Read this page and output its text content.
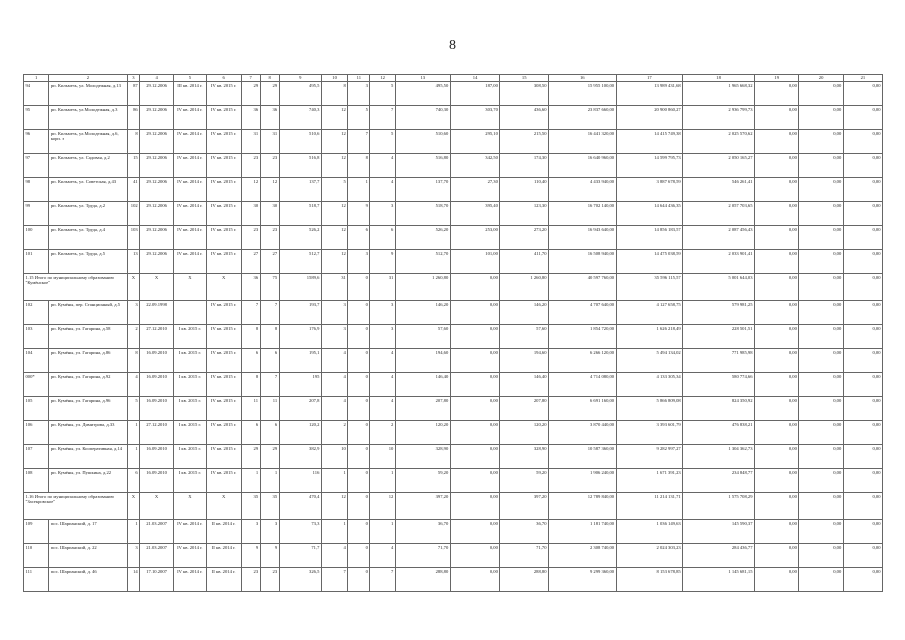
8
1	2	3	4	5	6	7	8	9	10	11	12	13	14	15	16	17	18	19	20	21
94	рп. Кильмезь, ул. Молодежная, д.13	87	29.12.2006	III кв. 2014 г.	IV кв. 2015 г.	29	29	495,5	8	3	5	495,50	187,00	308,50	15 955 100,00	13 989 431,68	1 965 668,32	0,00	0,00	0,00
95	рп. Кильмезь, ул.Молодежная, д.3	86	29.12.2006	IV кв. 2014 г.	IV кв. 2015 г.	36	36	740,3	12	5	7	740,30	303,70	436,60	23 837 660,00	20 900 860,27	2 936 799,73	0,00	0,00	0,00
96	рп. Кильмезь, ул.Молодежная, д.6, корп. з	8	29.12.2006	IV кв. 2014 г.	IV кв. 2015 г.	31	31	510,6	12	7	5	510,60	295,10	215,50	16 441 320,00	14 415 749,38	2 025 570,62	0,00	0,00	0,00
97	рп. Кильмезь, ул. Садовая, д.2	15	29.12.2006	IV кв. 2014 г.	IV кв. 2015 г.	23	23	516,8	12	8	4	516,80	342,50	174,30	16 640 960,00	14 599 795,73	2 050 165,27	0,00	0,00	0,00
98	рп. Кильмезь, ул. Советская, д.43	41	29.12.2006	IV кв. 2014 г.	IV кв. 2015 г.	12	12	137,7	5	1	4	137,70	27,30	110,40	4 433 940,00	3 887 678,59	546 261,41	0,00	0,00	0,00
99	рп. Кильмезь, ул. Труда, д.2	102	29.12.2006	IV кв. 2014 г.	IV кв. 2015 г.	30	30	518,7	12	9	3	518,70	395,40	123,30	16 702 140,00	14 644 436,35	2 057 703,65	0,00	0,00	0,00
100	рп. Кильмезь, ул. Труда, д.4	103	29.12.2006	IV кв. 2014 г.	IV кв. 2015 г.	23	23	526,2	12	6	6	526,20	253,00	273,20	16 943 640,00	14 856 183,57	2 087 456,43	0,00	0,00	0,00
101	рп. Кильмезь, ул. Труда, д.5	13	29.12.2006	IV кв. 2014 г.	IV кв. 2015 г.	27	27	512,7	12	3	9	512,70	101,00	411,70	16 508 940,00	14 475 038,59	2 033 901,41	0,00	0,00	0,00
1.15 Итого по муниципальному образованию "Кумёнское"		X	X	X	X	36	75	1589,6	31	0	31	1 260,80	0,00	1 260,80	40 597 760,00	35 596 115,57	5 001 644,03	0,00	0,00	0,00
102	рп. Кумёны, пер. Станционный, д.5	3	22.09.1998		IV кв. 2015 г.	7	7	193,7	3	0	3	146,20	0,00	146,20	4 707 640,00	4 127 658,75	579 981,25	0,00	0,00	0,00
103	рп. Кумёны, ул. Гагарина, д.58	2	27.12.2010	I кв. 2015 г.	IV кв. 2015 г.	8	8	176,9	3	0	3	57,60	0,00	57,60	1 854 720,00	1 626 218,49	228 501,51	0,00	0,00	0,00
104	рп. Кумёны, ул. Гагарина, д.86	8	16.09.2010	I кв. 2015 г.	IV кв. 2015 г.	6	6	195,1	4	0	4	194,60	0,00	194,60	6 266 120,00	5 494 134,02	771 985,98	0,00	0,00	0,00
000*	рп. Кумёны, ул. Гагарина, д.92	4	16.09.2010	I кв. 2015 г.	IV кв. 2015 г.	8	7	195	4	0	4	146,40	0,00	146,40	4 714 080,00	4 133 305,34	580 774,66	0,00	0,00	0,00
105	рп. Кумёны, ул. Гагарина, д.96	5	16.09.2010	I кв. 2015 г.	IV кв. 2015 г.	11	11	207,8	4	0	4	207,80	0,00	207,80	6 691 160,00	5 866 809,08	824 350,92	0,00	0,00	0,00
106	рп. Кумёны, ул. Димитрова, д.33	1	27.12.2010	I кв. 2015 г.	IV кв. 2015 г.	6	6	120,2	2	0	2	120,20	0,00	120,20	3 870 440,00	3 393 601,79	476 838,21	0,00	0,00	0,00
107	рп. Кумёны, ул. Кооперативная, д.14	1	16.09.2010	I кв. 2015 г.	IV кв. 2015 г.	29	29	382,9	10	0	10	328,90	0,00	328,90	10 587 360,00	9 282 997,27	1 304 362,73	0,00	0,00	0,00
108	рп. Кумёны, ул. Пушкина, д.22	6	16.09.2010	I кв. 2015 г.	IV кв. 2015 г.	1	1	116	1	0	1	59,20	0,00	59,20	1 906 240,00	1 671 391,23	234 848,77	0,00	0,00	0,00
1.16 Итого по муниципальному образованию "Засекровское"		X	X	X	X	35	35	470,4	12	0	12	397,20	0,00	397,20	12 789 840,00	11 214 131,71	1 575 708,29	0,00	0,00	0,00
109	пос. Шарпанский, д. 17	1	21.03.2007	IV кв. 2014 г.	II кв. 2014 г.	3	3	73,3	1	0	1	36,70	0,00	36,70	1 181 740,00	1 036 149,63	145 590,37	0,00	0,00	0,00
110	пос. Шарпанский, д. 22	3	21.03.2007	IV кв. 2014 г.	II кв. 2014 г.	9	9	71,7	4	0	4	71,70	0,00	71,70	2 308 740,00	2 024 303,23	284 436,77	0,00	0,00	0,00
111	пос. Шарпанский, д. 46	14	17.10.2007	IV кв. 2014 г.	II кв. 2014 г.	23	23	326,5	7	0	7	288,80	0,00	288,80	9 299 360,00	8 153 678,85	1 145 681,15	0,00	0,00	0,00
